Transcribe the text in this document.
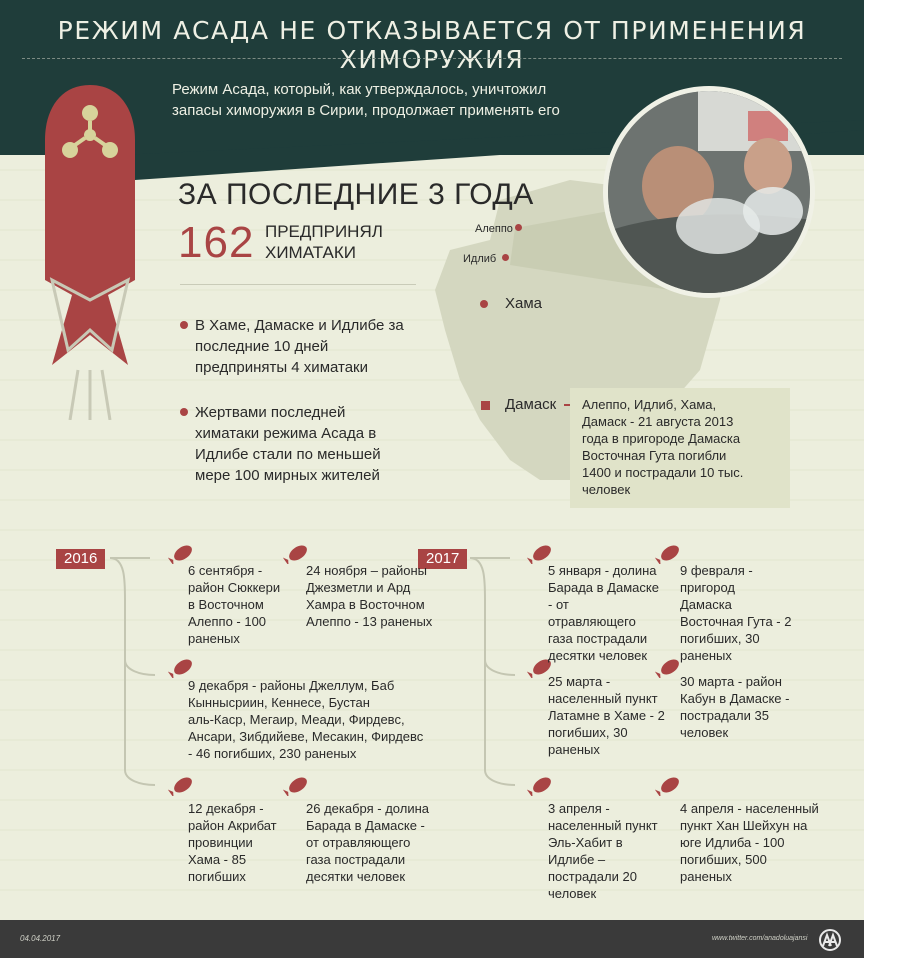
РЕЖИМ АСАДА НЕ ОТКАЗЫВАЕТСЯ ОТ ПРИМЕНЕНИЯ ХИМОРУЖИЯ
Режим Асада, который, как утверждалось, уничтожил
запасы химоружия в Сирии, продолжает применять его
ЗА ПОСЛЕДНИЕ 3 ГОДА
162 ПРЕДПРИНЯЛ
ХИМАТАКИ
В Хаме, Дамаске и Идлибе за
последние 10 дней
предприняты 4 химатаки
Жертвами последней
химатаки режима Асада в
Идлибе стали по меньшей
мере 100 мирных жителей
Алеппо
Идлиб
Хама
Дамаск Алеппо, Идлиб, Хама,
Дамаск - 21 августа 2013
года в пригороде Дамаска
Восточная Гута погибли
1400 и пострадали 10 тыс.
человек
2016	2017
6 сентября -
район Сюккери
в Восточном
Алеппо - 100
раненых
24 ноября – районы
Джезметли и Ард
Хамра в Восточном
Алеппо - 13 раненых
9 декабря - районы Джеллум, Баб
Кыннысриин, Кеннесе, Бустан
аль-Каср, Мегаир, Меади, Фирдевс,
Ансари, Зибдийеве, Месакин, Фирдевс
- 46 погибших, 230 раненых
12 декабря -
район Акрибат
провинции
Хама - 85
погибших
26 декабря - долина
Барада в Дамаске -
от отравляющего
газа пострадали
десятки человек
5 января - долина
Барада в Дамаске
- от
отравляющего
газа пострадали
десятки человек
9 февраля -
пригород
Дамаска
Восточная Гута - 2
погибших, 30
раненых
25 марта -
населенный пункт
Латамне в Хаме - 2
погибших, 30
раненых
30 марта - район
Кабун в Дамаске -
пострадали 35
человек
3 апреля -
населенный пункт
Эль-Хабит в
Идлибе –
пострадали 20
человек
4 апреля - населенный
пункт Хан Шейхун на
юге Идлиба - 100
погибших, 500
раненых
04.04.2017	www.twitter.com/anadoluajansi
